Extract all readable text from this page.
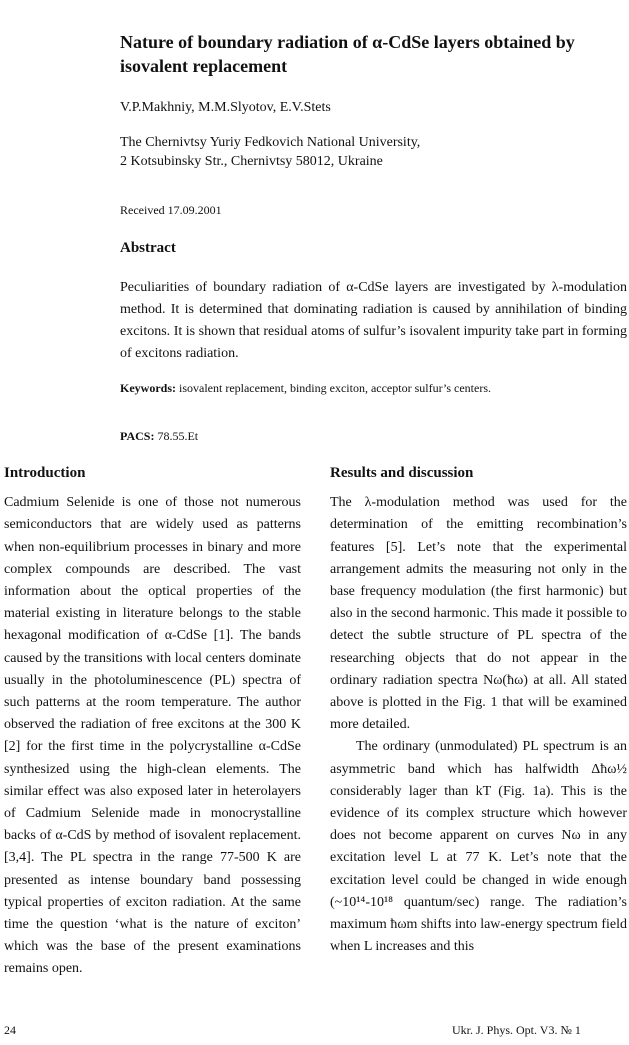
Nature of boundary radiation of α-CdSe layers obtained by isovalent replacement
V.P.Makhniy, M.M.Slyotov, E.V.Stets
The Chernivtsy Yuriy Fedkovich National University,
2 Kotsubinsky Str., Chernivtsy 58012, Ukraine
Received 17.09.2001
Abstract
Peculiarities of boundary radiation of α-CdSe layers are investigated by λ-modulation method. It is determined that dominating radiation is caused by annihilation of binding excitons. It is shown that residual atoms of sulfur’s isovalent impurity take part in forming of excitons radiation.
Keywords: isovalent replacement, binding exciton, acceptor sulfur’s centers.
PACS: 78.55.Et
Introduction

Cadmium Selenide is one of those not numerous semiconductors that are widely used as patterns when non-equilibrium processes in binary and more complex compounds are described. The vast information about the optical properties of the material existing in literature belongs to the stable hexagonal modification of α-CdSe [1]. The bands caused by the transitions with local centers dominate usually in the photoluminescence (PL) spectra of such patterns at the room temperature. The author observed the radiation of free excitons at the 300 K [2] for the first time in the polycrystalline α-CdSe synthesized using the high-clean elements. The similar effect was also exposed later in heterolayers of Cadmium Selenide made in monocrystalline backs of α-CdS by method of isovalent replacement. [3,4]. The PL spectra in the range 77-500 K are presented as intense boundary band possessing typical properties of exciton radiation. At the same time the question ‘what is the nature of exciton’ which was the base of the present examinations remains open.

Results and discussion

The λ-modulation method was used for the determination of the emitting recombination’s features [5]. Let’s note that the experimental arrangement admits the measuring not only in the base frequency modulation (the first harmonic) but also in the second harmonic. This made it possible to detect the subtle structure of PL spectra of the researching objects that do not appear in the ordinary radiation spectra Nω(ħω) at all. All stated above is plotted in the Fig. 1 that will be examined more detailed.

The ordinary (unmodulated) PL spectrum is an asymmetric band which has halfwidth Δħω½ considerably lager than kT (Fig. 1a). This is the evidence of its complex structure which however does not become apparent on curves Nω in any excitation level L at 77 K. Let’s note that the excitation level could be changed in wide enough (~10¹⁴-10¹⁸ quantum/sec) range. The radiation’s maximum ħωm shifts into law-energy spectrum field when L increases and this

24	Ukr. J. Phys. Opt. V3. № 1
